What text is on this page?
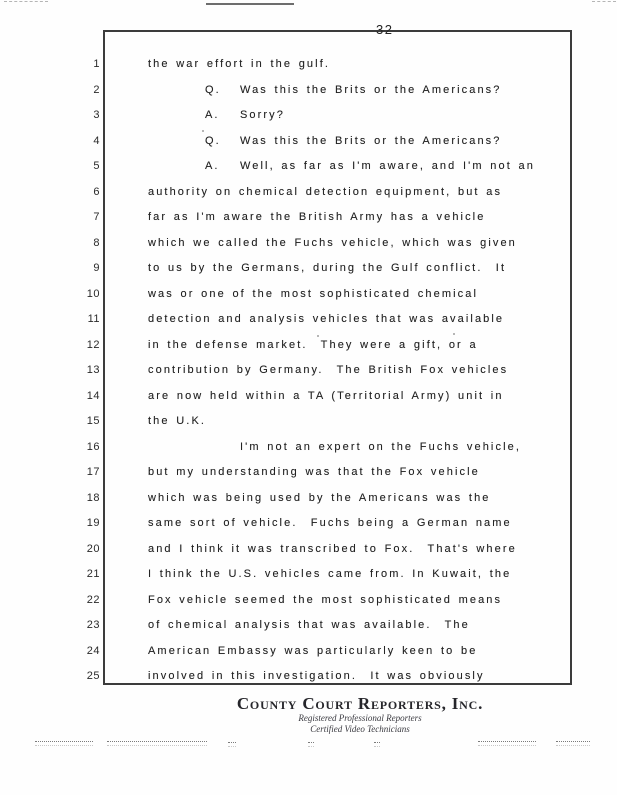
32
1	the war effort in the gulf.
2	Q. Was this the Brits or the Americans?
3	A. Sorry?
4	Q. Was this the Brits or the Americans?
5	A. Well, as far as I'm aware, and I'm not an
6	authority on chemical detection equipment, but as
7	far as I'm aware the British Army has a vehicle
8	which we called the Fuchs vehicle, which was given
9	to us by the Germans, during the Gulf conflict.  It
10	was or one of the most sophisticated chemical
11	detection and analysis vehicles that was available
12	in the defense market.  They were a gift, or a
13	contribution by Germany.  The British Fox vehicles
14	are now held within a TA (Territorial Army) unit in
15	the U.K.
16	I'm not an expert on the Fuchs vehicle,
17	but my understanding was that the Fox vehicle
18	which was being used by the Americans was the
19	same sort of vehicle.  Fuchs being a German name
20	and I think it was transcribed to Fox.  That's where
21	I think the U.S. vehicles came from. In Kuwait, the
22	Fox vehicle seemed the most sophisticated means
23	of chemical analysis that was available.  The
24	American Embassy was particularly keen to be
25	involved in this investigation.  It was obviously
County Court Reporters, Inc.
Registered Professional Reporters
Certified Video Technicians
